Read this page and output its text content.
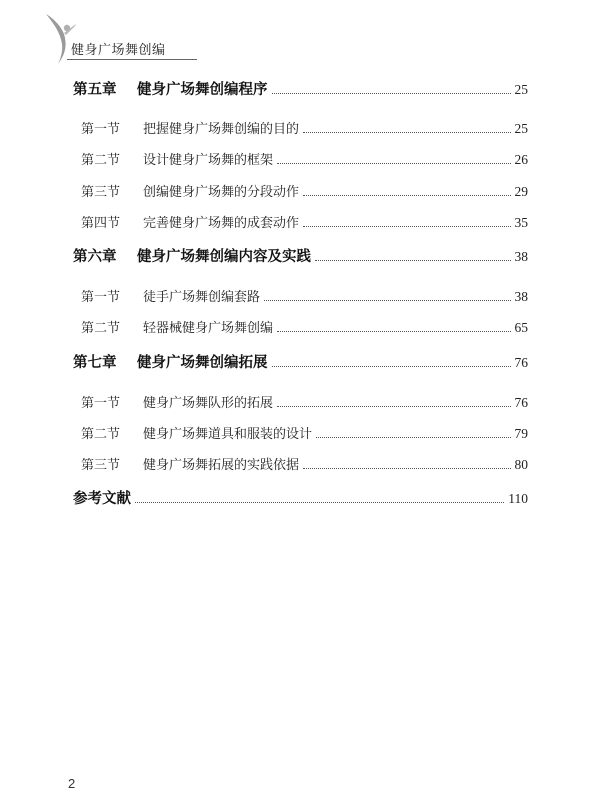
健身广场舞创编
第五章	健身广场舞创编程序	25
第一节	把握健身广场舞创编的目的	25
第二节	设计健身广场舞的框架	26
第三节	创编健身广场舞的分段动作	29
第四节	完善健身广场舞的成套动作	35
第六章	健身广场舞创编内容及实践	38
第一节	徒手广场舞创编套路	38
第二节	轻器械健身广场舞创编	65
第七章	健身广场舞创编拓展	76
第一节	健身广场舞队形的拓展	76
第二节	健身广场舞道具和服装的设计	79
第三节	健身广场舞拓展的实践依据	80
参考文献	110
2
